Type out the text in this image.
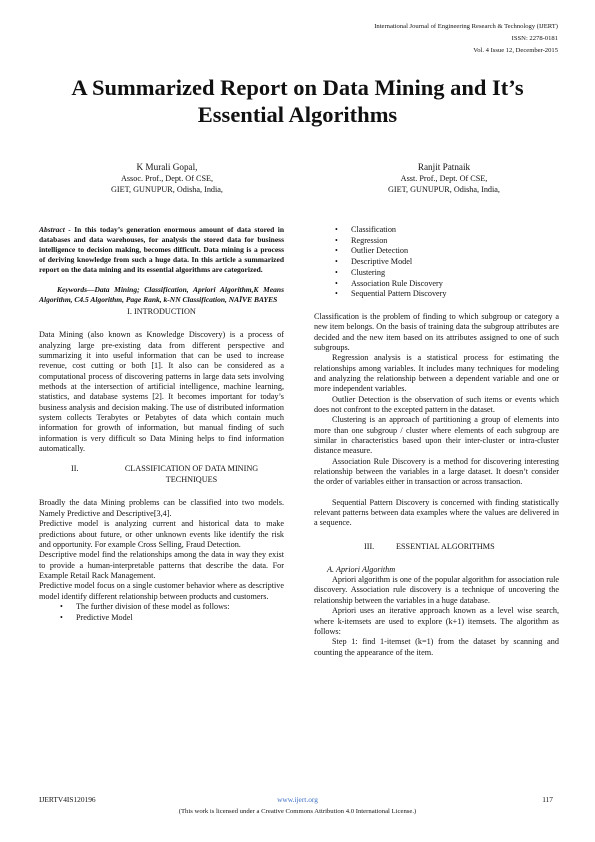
International Journal of Engineering Research & Technology (IJERT)
ISSN: 2278-0181
Vol. 4 Issue 12, December-2015
A Summarized Report on Data Mining and It’s
Essential Algorithms
K Murali Gopal,
Assoc. Prof., Dept. Of CSE,
GIET, GUNUPUR, Odisha, India,
Ranjit Patnaik
Asst. Prof., Dept. Of CSE,
GIET, GUNUPUR, Odisha, India,

Abstract - In this today’s generation enormous amount of data stored in databases and data warehouses, for analysis the stored data for business intelligence to decision making, becomes difficult. Data mining is a process of deriving knowledge from such a huge data. In this article a summarized report on the data mining and its essential algorithms are categorized.

Keywords—Data Mining; Classification, Apriori Algorithm,K Means Algorithm, C4.5 Algorithm, Page Rank, k-NN Classification, NAÏVE BAYES

I. INTRODUCTION

Data Mining (also known as Knowledge Discovery) is a process of analyzing large pre-existing data from different perspective and summarizing it into useful information that can be used to increase revenue, cost cutting or both [1]. It also can be considered as a computational process of discovering patterns in large data sets involving methods at the intersection of artificial intelligence, machine learning, statistics, and database systems [2]. It becomes important for today’s business analysis and decision making. The use of distributed information system collects Terabytes or Petabytes of data which contain much information for growth of information, but manual finding of such information is very difficult so Data Mining helps to find information automatically.

II.	CLASSIFICATION OF DATA MINING
TECHNIQUES

Broadly the data Mining problems can be classified into two models. Namely Predictive and Descriptive[3,4].

Predictive model is analyzing current and historical data to make predictions about future, or other unknown events like identify the risk and opportunity. For example Cross Selling, Fraud Detection.

Descriptive model find the relationships among the data in way they exist to provide a human-interpretable patterns that describe the data. For Example Retail Rack Management.

Predictive model focus on a single customer behavior where as descriptive model identify different relationship between products and customers.

• The further division of these model as follows:
• Predictive Model
• Classification
• Regression
• Outlier Detection
• Descriptive Model
• Clustering
• Association Rule Discovery
• Sequential Pattern Discovery

Classification is the problem of finding to which subgroup or category a new item belongs. On the basis of training data the subgroup attributes are decided and the new item based on its attributes assigned to one of such subgroups.

Regression analysis is a statistical process for estimating the relationships among variables. It includes many techniques for modeling and analyzing the relationship between a dependent variable and one or more independent variables.

Outlier Detection is the observation of such items or events which does not confront to the excepted pattern in the dataset.

Clustering is an approach of partitioning a group of elements into more than one subgroup / cluster where elements of each subgroup are similar in characteristics based upon their inter-cluster or intra-cluster distance measure.

Association Rule Discovery is a method for discovering interesting relationship between the variables in a large dataset. It doesn’t consider the order of variables either in transaction or across transaction.

Sequential Pattern Discovery is concerned with finding statistically relevant patterns between data examples where the values are delivered in a sequence.

III.	ESSENTIAL ALGORITHMS

A. Apriori Algorithm

Apriori algorithm is one of the popular algorithm for association rule discovery. Association rule discovery is a technique of uncovering the relationship between the variables in a huge database.

Apriori uses an iterative approach known as a level wise search, where k-itemsets are used to explore (k+1) itemsets. The algorithm as follows:

Step 1: find 1-itemset (k=1) from the dataset by scanning and counting the appearance of the item.

IJERTV4IS120196	www.ijert.org	117
(This work is licensed under a Creative Commons Attribution 4.0 International License.)
